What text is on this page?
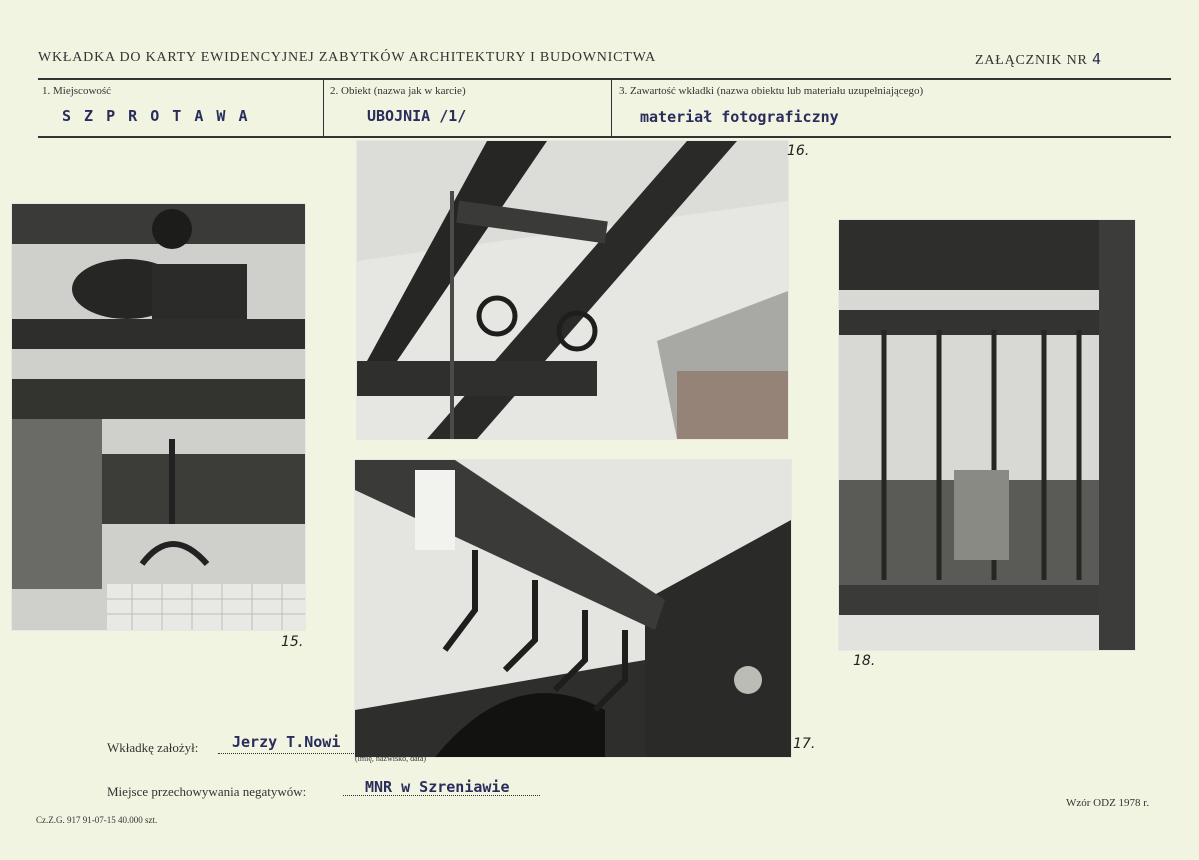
WKŁADKA DO KARTY EWIDENCYJNEJ ZABYTKÓW ARCHITEKTURY I BUDOWNICTWA	ZAŁĄCZNIK NR 4
1. Miejscowość
S Z P R O T A W A
2. Obiekt (nazwa jak w karcie)
UBOJNIA /1/
3. Zawartość wkładki (nazwa obiektu lub materiału uzupełniającego)
materiał fotograficzny
15.
16.
17.
18.
Wkładkę założył: Jerzy T.Nowi
(imię, nazwisko, data)
Miejsce przechowywania negatywów:	MNR w Szreniawie
Cz.Z.G. 917 91-07-15 40.000 szt.
Wzór ODZ 1978 r.
